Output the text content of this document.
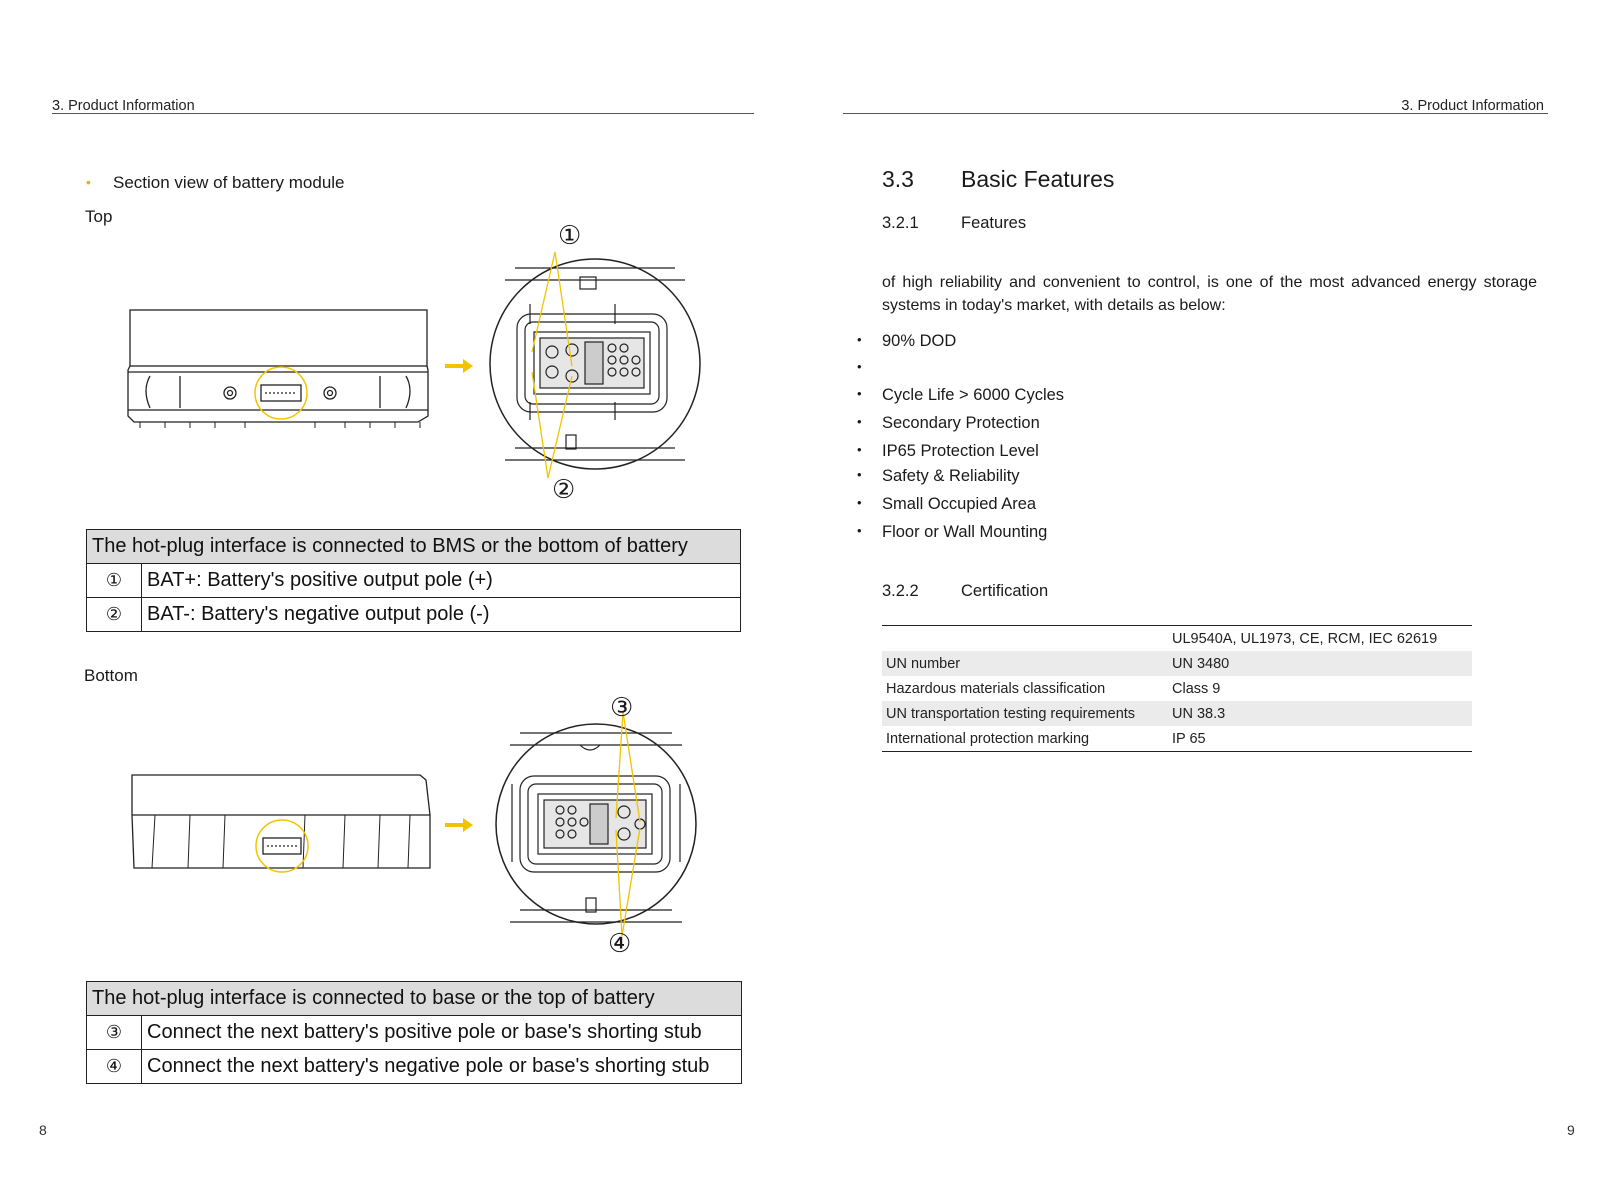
3. Product Information
• Section view of battery module
Top
①
②
The hot-plug interface is connected to BMS or the bottom of battery	
①	BAT+: Battery's positive output pole (+)
②	BAT-: Battery's negative output pole (-)
Bottom
③
④
The hot-plug interface is connected to base or the top of battery	
③	Connect the next battery's positive pole or base's shorting stub
④	Connect the next battery's negative pole or base's shorting stub
8
3. Product Information
3.3 Basic Features
3.2.1	Features
of high reliability and convenient to control, is one of the most advanced energy storage systems in today's market, with details as below:
• 90% DOD
•
• Cycle Life > 6000 Cycles
• Secondary Protection
• IP65 Protection Level
• Safety & Reliability
• Small Occupied Area
• Floor or Wall Mounting
3.2.2	Certification
	UL9540A, UL1973, CE, RCM, IEC 62619
UN number	UN 3480
Hazardous materials classification	Class 9
UN transportation testing requirements	UN 38.3
International protection marking	IP 65
9
